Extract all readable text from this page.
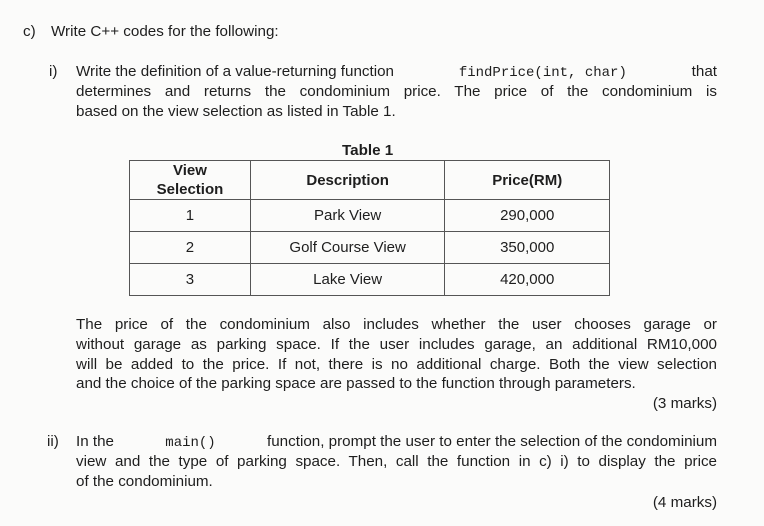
c) Write C++ codes for the following:
i) Write the definition of a value-returning function	findPrice(int, char)	that
determines and returns the condominium price. The price of the condominium is
based on the view selection as listed in Table 1.
Table 1
View Selection	Description	Price(RM)
1	Park View	290,000
2	Golf Course View	350,000
3	Lake View	420,000
The price of the condominium also includes whether the user chooses garage or
without garage as parking space. If the user includes garage, an additional RM10,000
will be added to the price. If not, there is no additional charge. Both the view selection
and the choice of the parking space are passed to the function through parameters.
(3 marks)
ii) In the	main()	function, prompt the user to enter the selection of the condominium
view and the type of parking space. Then, call the function in c) i) to display the price
of the condominium.
(4 marks)
